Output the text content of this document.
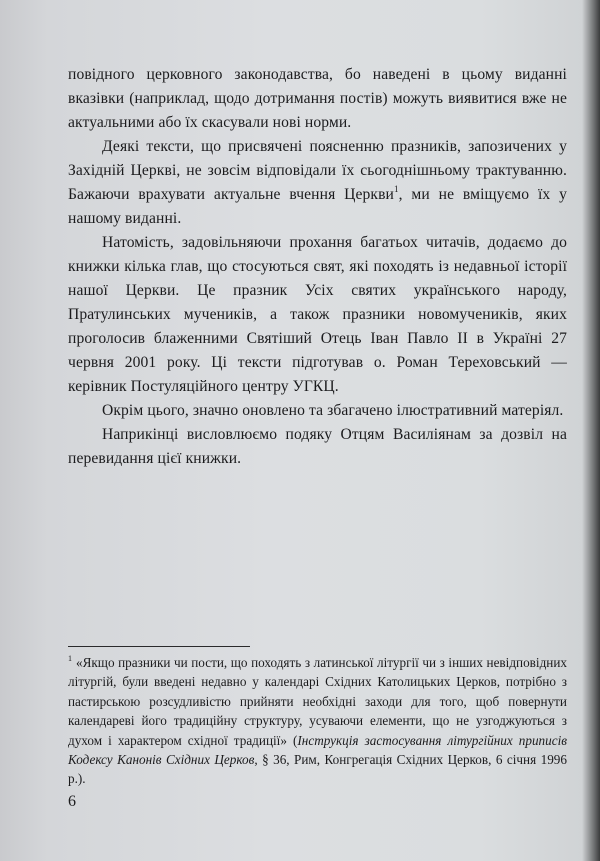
повідного церковного законодавства, бо наведені в цьому виданні вказівки (наприклад, щодо дотримання постів) можуть виявитися вже не актуальними або їх скасували нові норми.

Деякі тексти, що присвячені поясненню празників, запозичених у Західній Церкві, не зовсім відповідали їх сьогоднішньому трактуванню. Бажаючи врахувати актуальне вчення Церкви$^1$, ми не вміщуємо їх у нашому виданні.

Натомість, задовільняючи прохання багатьох читачів, додаємо до книжки кілька глав, що стосуються свят, які походять із недавньої історії нашої Церкви. Це празник Усіх святих українського народу, Пратулинських мучеників, а також празники новомучеників, яких проголосив блаженними Святіший Отець Іван Павло II в Україні 27 червня 2001 року. Ці тексти підготував о. Роман Тереховський — керівник Постуляційного центру УГКЦ.

Окрім цього, значно оновлено та збагачено ілюстративний матеріял.

Наприкінці висловлюємо подяку Отцям Василіянам за дозвіл на перевидання цієї книжки.

$^1$ «Якщо празники чи пости, що походять з латинської літургії чи з інших невідповідних літургій, були введені недавно у календарі Східних Католицьких Церков, потрібно з пастирською розсудливістю прийняти необхідні заходи для того, щоб повернути календареві його традиційну структуру, усуваючи елементи, що не узгоджуються з духом і характером східної традиції» (Інструкція застосування літургійних приписів Кодексу Канонів Східних Церков, § 36, Рим, Конгрегація Східних Церков, 6 січня 1996 р.).

6
